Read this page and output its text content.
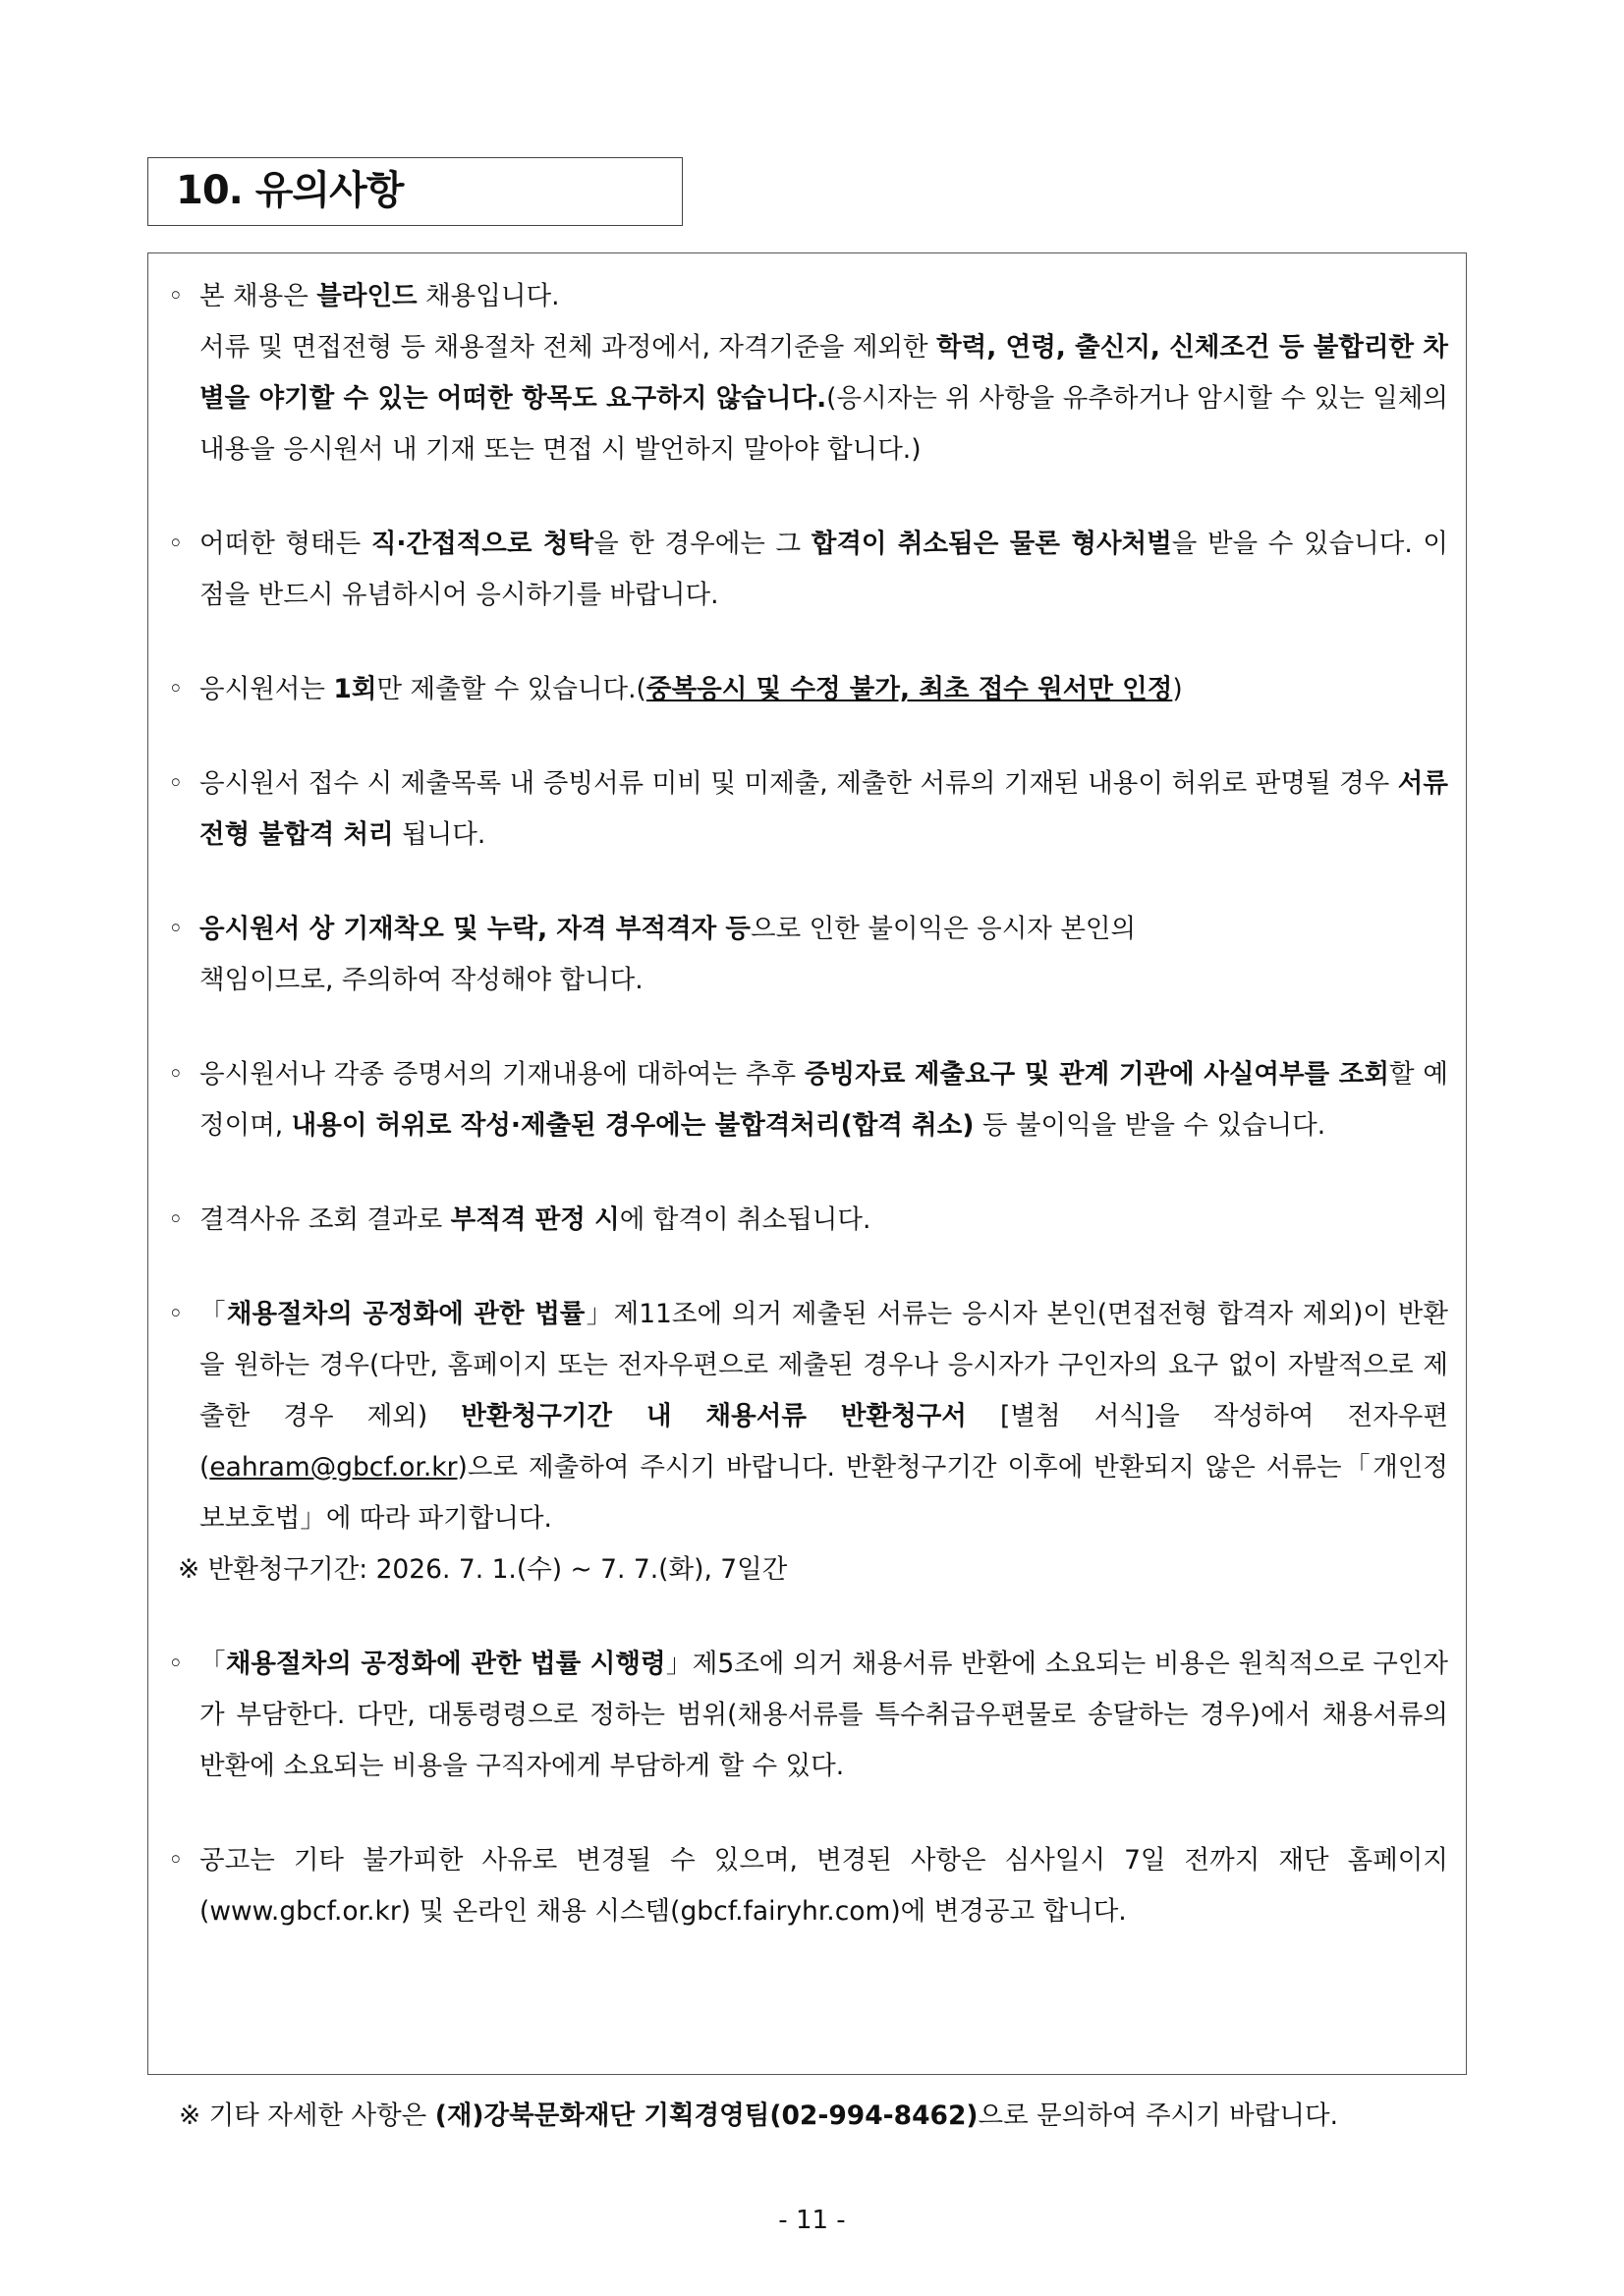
10. 유의사항
◦ 본 채용은 블라인드 채용입니다.
서류 및 면접전형 등 채용절차 전체 과정에서, 자격기준을 제외한 학력, 연령, 출신지, 신체조건 등 불합리한 차별을 야기할 수 있는 어떠한 항목도 요구하지 않습니다.(응시자는 위 사항을 유추하거나 암시할 수 있는 일체의 내용을 응시원서 내 기재 또는 면접 시 발언하지 말아야 합니다.)
◦ 어떠한 형태든 직·간접적으로 청탁을 한 경우에는 그 합격이 취소됨은 물론 형사처벌을 받을 수 있습니다. 이 점을 반드시 유념하시어 응시하기를 바랍니다.
◦ 응시원서는 1회만 제출할 수 있습니다.(중복응시 및 수정 불가, 최초 접수 원서만 인정)
◦ 응시원서 접수 시 제출목록 내 증빙서류 미비 및 미제출, 제출한 서류의 기재된 내용이 허위로 판명될 경우 서류전형 불합격 처리 됩니다.
◦ 응시원서 상 기재착오 및 누락, 자격 부적격자 등으로 인한 불이익은 응시자 본인의
책임이므로, 주의하여 작성해야 합니다.
◦ 응시원서나 각종 증명서의 기재내용에 대하여는 추후 증빙자료 제출요구 및 관계 기관에 사실여부를 조회할 예정이며, 내용이 허위로 작성·제출된 경우에는 불합격처리(합격 취소) 등 불이익을 받을 수 있습니다.
◦ 결격사유 조회 결과로 부적격 판정 시에 합격이 취소됩니다.
◦ 「채용절차의 공정화에 관한 법률」제11조에 의거 제출된 서류는 응시자 본인(면접전형 합격자 제외)이 반환을 원하는 경우(다만, 홈페이지 또는 전자우편으로 제출된 경우나 응시자가 구인자의 요구 없이 자발적으로 제출한 경우 제외) 반환청구기간 내 채용서류 반환청구서 [별첨 서식]을 작성하여 전자우편(eahram@gbcf.or.kr)으로 제출하여 주시기 바랍니다. 반환청구기간 이후에 반환되지 않은 서류는「개인정보보호법」에 따라 파기합니다.
※ 반환청구기간: 2026. 7. 1.(수) ~ 7. 7.(화), 7일간
◦ 「채용절차의 공정화에 관한 법률 시행령」제5조에 의거 채용서류 반환에 소요되는 비용은 원칙적으로 구인자가 부담한다. 다만, 대통령령으로 정하는 범위(채용서류를 특수취급우편물로 송달하는 경우)에서 채용서류의 반환에 소요되는 비용을 구직자에게 부담하게 할 수 있다.
◦ 공고는 기타 불가피한 사유로 변경될 수 있으며, 변경된 사항은 심사일시 7일 전까지 재단 홈페이지(www.gbcf.or.kr) 및 온라인 채용 시스템(gbcf.fairyhr.com)에 변경공고 합니다.
※ 기타 자세한 사항은 (재)강북문화재단 기획경영팀(02-994-8462)으로 문의하여 주시기 바랍니다.
- 11 -
